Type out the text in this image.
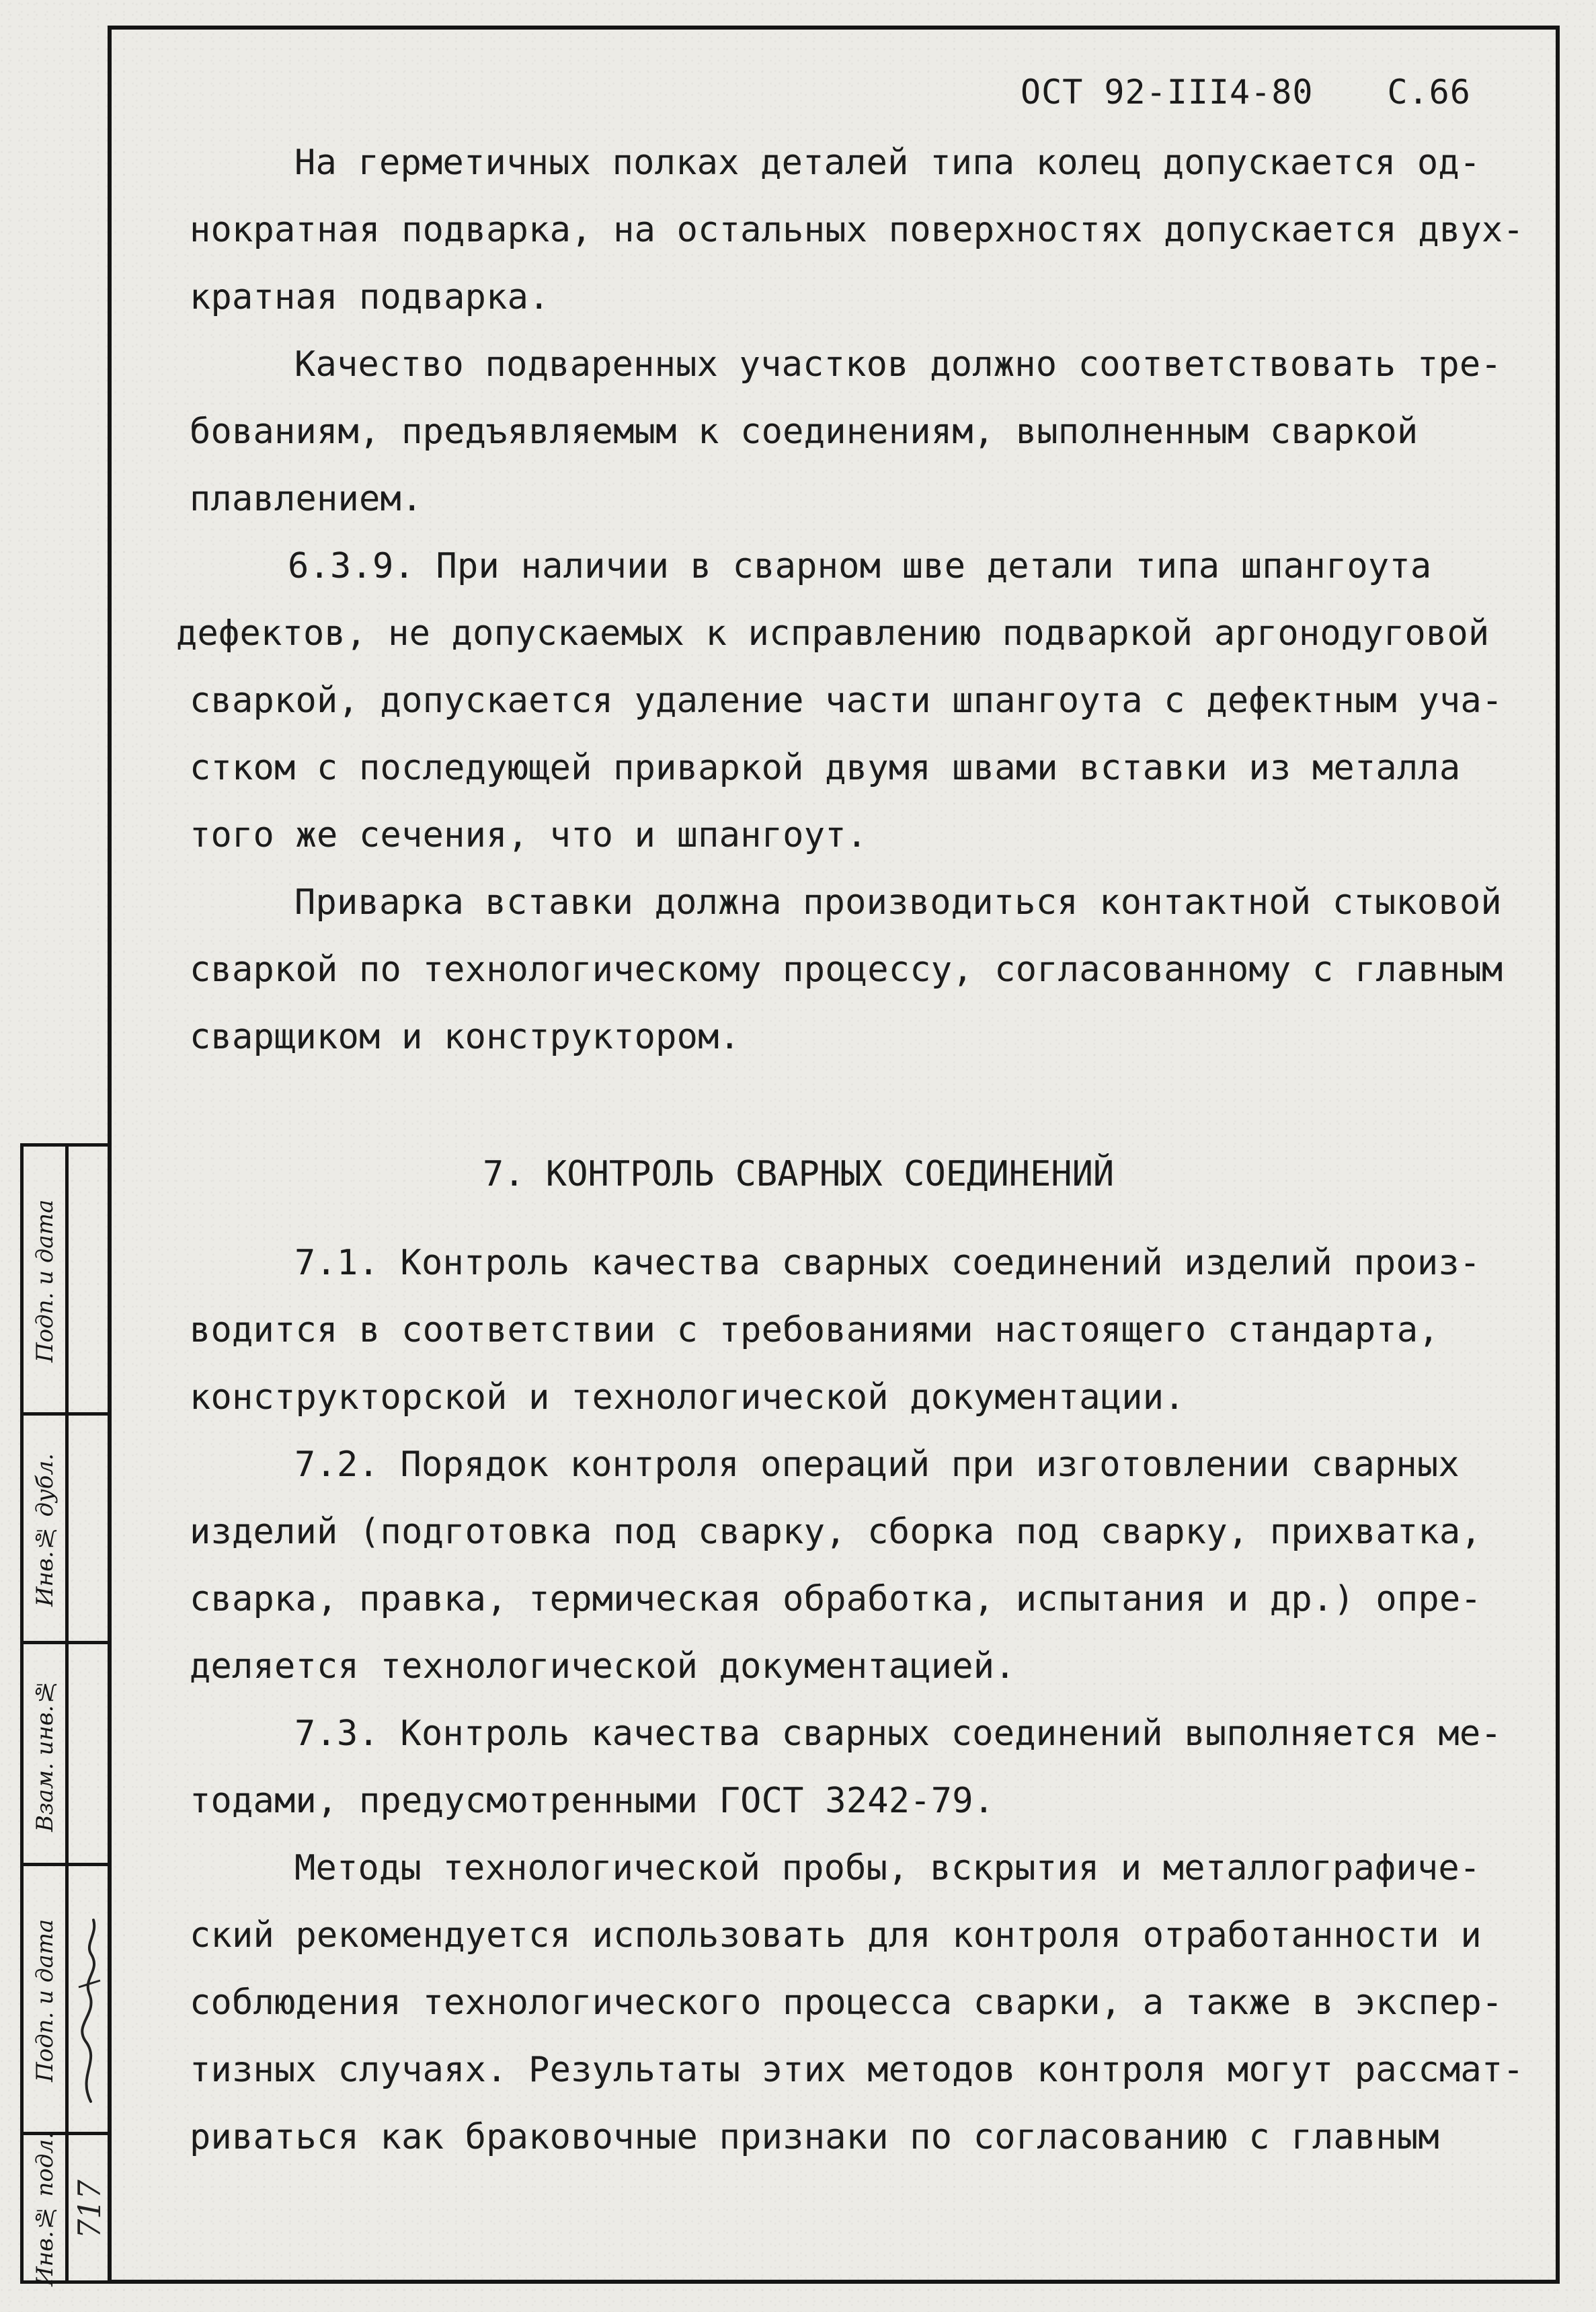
ОСТ 92-III4-80 С.66
На герметичных полках деталей типа колец допускается од-
нократная подварка, на остальных поверхностях допускается двух-
кратная подварка.
Качество подваренных участков должно соответствовать тре-
бованиям, предъявляемым к соединениям, выполненным сваркой
плавлением.
6.3.9. При наличии в сварном шве детали типа шпангоута
дефектов, не допускаемых к исправлению подваркой аргонодуговой
сваркой, допускается удаление части шпангоута с дефектным уча-
стком с последующей приваркой двумя швами вставки из металла
того же сечения, что и шпангоут.
Приварка вставки должна производиться контактной стыковой
сваркой по технологическому процессу, согласованному с главным
сварщиком и конструктором.
7. КОНТРОЛЬ СВАРНЫХ СОЕДИНЕНИЙ
7.1. Контроль качества сварных соединений изделий произ-
водится в соответствии с требованиями настоящего стандарта,
конструкторской и технологической документации.
7.2. Порядок контроля операций при изготовлении сварных
изделий (подготовка под сварку, сборка под сварку, прихватка,
сварка, правка, термическая обработка, испытания и др.) опре-
деляется технологической документацией.
7.3. Контроль качества сварных соединений выполняется ме-
тодами, предусмотренными ГОСТ 3242-79.
Методы технологической пробы, вскрытия и металлографиче-
ский рекомендуется использовать для контроля отработанности и
соблюдения технологического процесса сварки, а также в экспер-
тизных случаях. Результаты этих методов контроля могут рассмат-
риваться как браковочные признаки по согласованию с главным
Подп. и дата
Инв.№ дубл.
Взам. инв.№
Подп. и дата
Инв.№ подл. 717
